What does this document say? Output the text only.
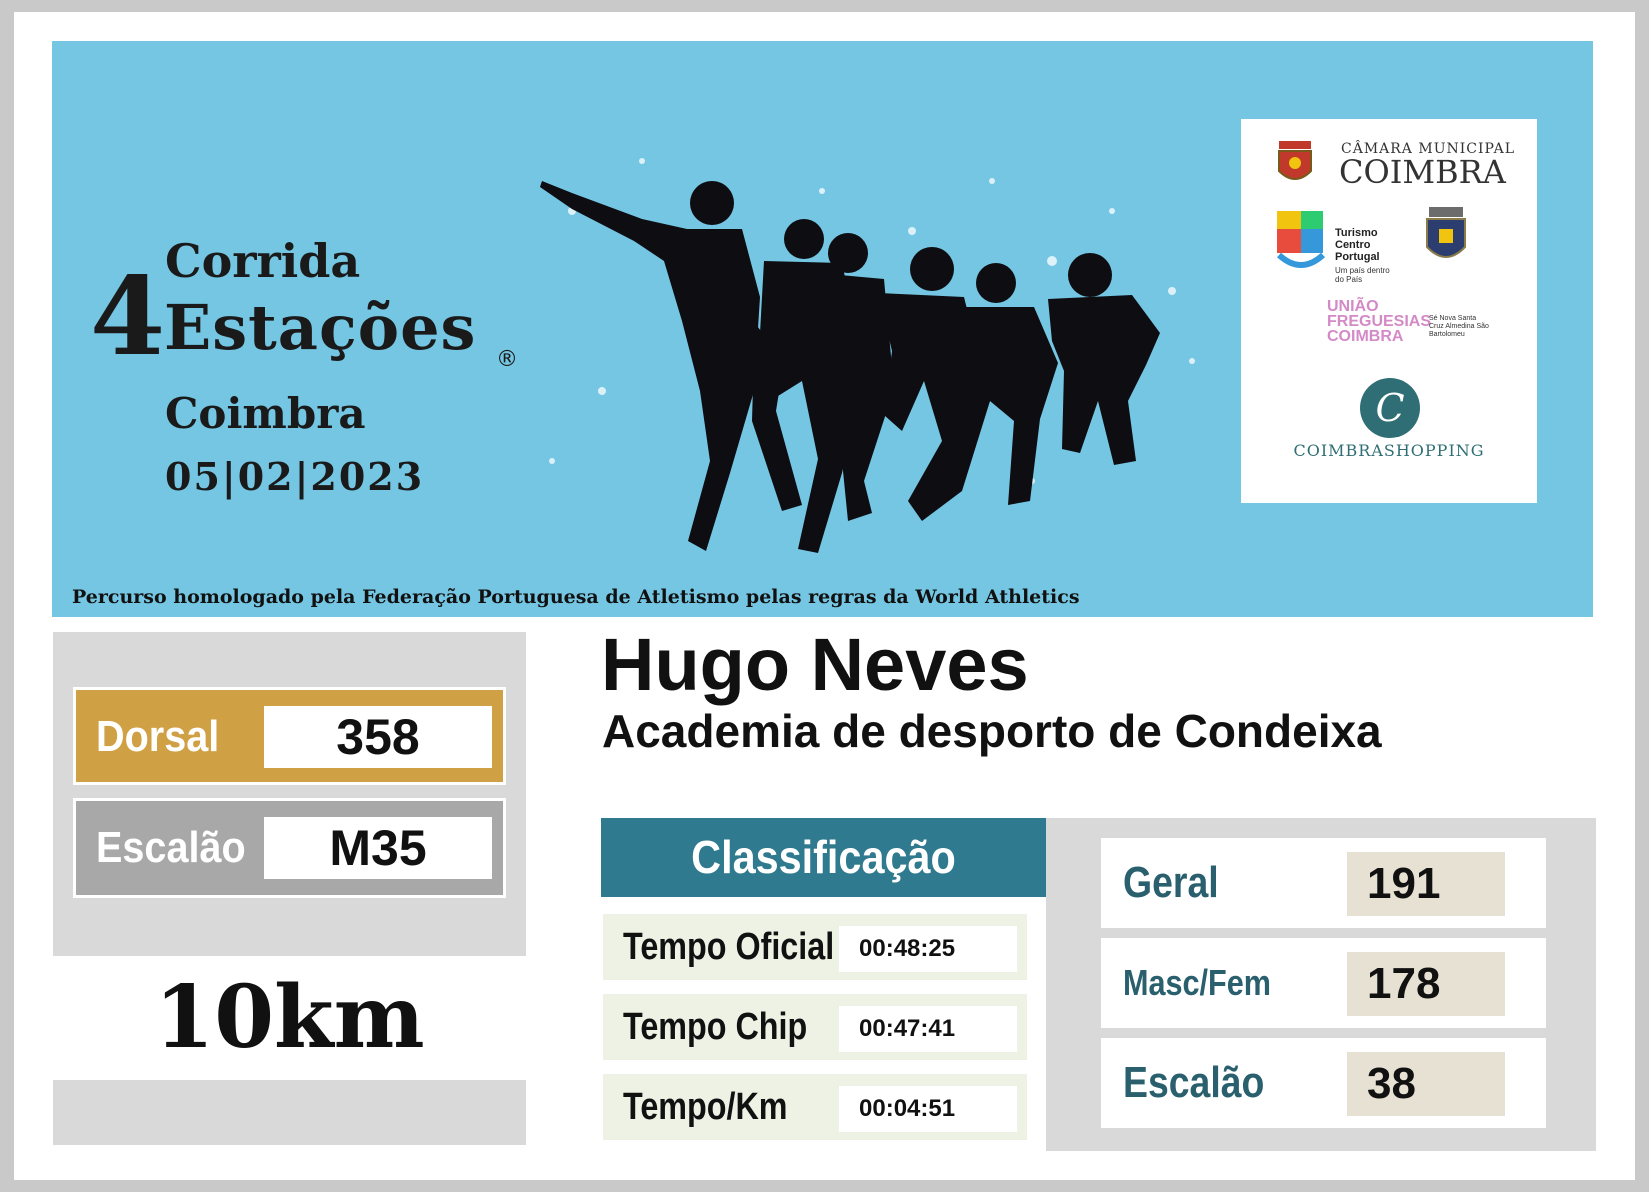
Corrida
4
Estações ®
Coimbra
05|02|2023
CÂMARA MUNICIPAL
COIMBRA
Turismo Centro Portugal
Um país dentro do País
UNIÃO FREGUESIAS COIMBRA
Sé Nova Santa Cruz Almedina São Bartolomeu
C
COIMBRASHOPPING
Percurso homologado pela Federação Portuguesa de Atletismo pelas regras da World Athletics
Dorsal	358
Escalão	M35
10km
Hugo Neves
Academia de desporto de Condeixa
Classificação
Tempo Oficial	00:48:25
Tempo Chip	00:47:41
Tempo/Km	00:04:51
Geral	191
Masc/Fem	178
Escalão	38
